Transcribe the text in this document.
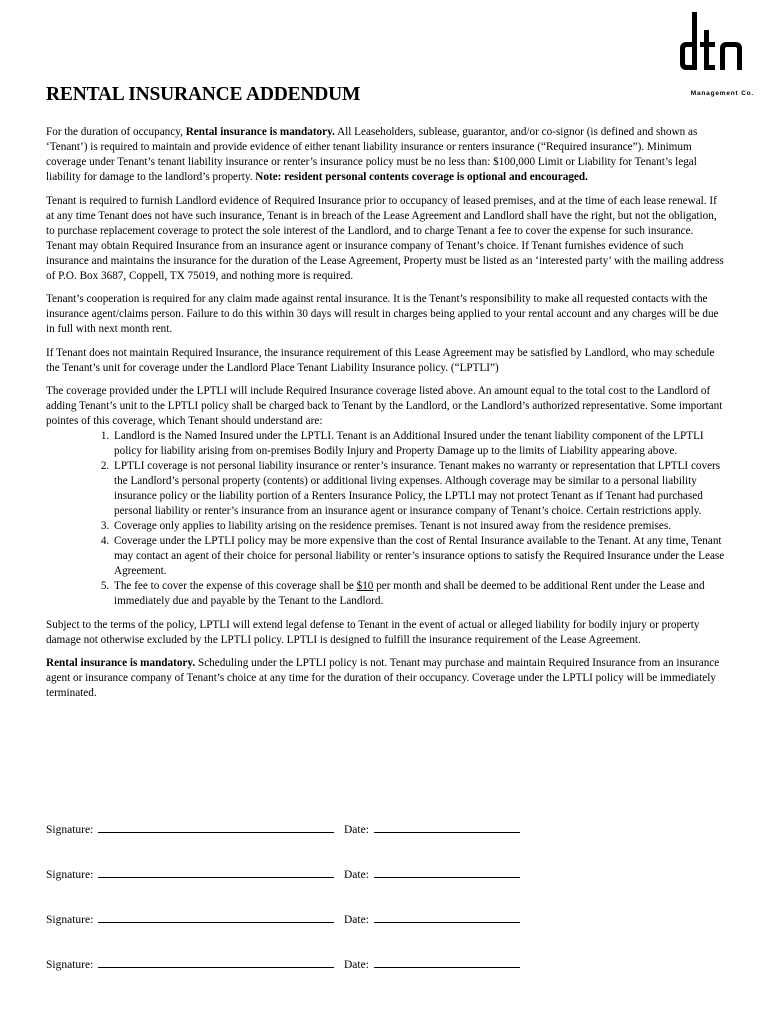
Management Co.
RENTAL INSURANCE ADDENDUM

For the duration of occupancy, Rental insurance is mandatory. All Leaseholders, sublease, guarantor, and/or co-signor (is defined and shown as ‘Tenant’) is required to maintain and provide evidence of either tenant liability insurance or renters insurance (“Required insurance”). Minimum coverage under Tenant’s tenant liability insurance or renter’s insurance policy must be no less than: $100,000 Limit or Liability for Tenant’s legal liability for damage to the landlord’s property. Note: resident personal contents coverage is optional and encouraged.

Tenant is required to furnish Landlord evidence of Required Insurance prior to occupancy of leased premises, and at the time of each lease renewal. If at any time Tenant does not have such insurance, Tenant is in breach of the Lease Agreement and Landlord shall have the right, but not the obligation, to purchase replacement coverage to protect the sole interest of the Landlord, and to charge Tenant a fee to cover the expense for such insurance. Tenant may obtain Required Insurance from an insurance agent or insurance company of Tenant’s choice. If Tenant furnishes evidence of such insurance and maintains the insurance for the duration of the Lease Agreement, Property must be listed as an ‘interested party’ with the mailing address of P.O. Box 3687, Coppell, TX 75019, and nothing more is required.

Tenant’s cooperation is required for any claim made against rental insurance. It is the Tenant’s responsibility to make all requested contacts with the insurance agent/claims person. Failure to do this within 30 days will result in charges being applied to your rental account and any charges will be due in full with next month rent.

If Tenant does not maintain Required Insurance, the insurance requirement of this Lease Agreement may be satisfied by Landlord, who may schedule the Tenant’s unit for coverage under the Landlord Place Tenant Liability Insurance policy. (“LPTLI”)

The coverage provided under the LPTLI will include Required Insurance coverage listed above. An amount equal to the total cost to the Landlord of adding Tenant’s unit to the LPTLI policy shall be charged back to Tenant by the Landlord, or the Landlord’s authorized representative. Some important pointes of this coverage, which Tenant should understand are:

1. Landlord is the Named Insured under the LPTLI. Tenant is an Additional Insured under the tenant liability component of the LPTLI policy for liability arising from on-premises Bodily Injury and Property Damage up to the limits of Liability appearing above.
2. LPTLI coverage is not personal liability insurance or renter’s insurance. Tenant makes no warranty or representation that LPTLI covers the Landlord’s personal property (contents) or additional living expenses. Although coverage may be similar to a personal liability insurance policy or the liability portion of a Renters Insurance Policy, the LPTLI may not protect Tenant as if Tenant had purchased personal liability or renter’s insurance from an insurance agent or insurance company of Tenant’s choice. Certain restrictions apply.
3. Coverage only applies to liability arising on the residence premises. Tenant is not insured away from the residence premises.
4. Coverage under the LPTLI policy may be more expensive than the cost of Rental Insurance available to the Tenant. At any time, Tenant may contact an agent of their choice for personal liability or renter’s insurance options to satisfy the Required Insurance under the Lease Agreement.
5. The fee to cover the expense of this coverage shall be $10 per month and shall be deemed to be additional Rent under the Lease and immediately due and payable by the Tenant to the Landlord.

Subject to the terms of the policy, LPTLI will extend legal defense to Tenant in the event of actual or alleged liability for bodily injury or property damage not otherwise excluded by the LPTLI policy. LPTLI is designed to fulfill the insurance requirement of the Lease Agreement.

Rental insurance is mandatory. Scheduling under the LPTLI policy is not. Tenant may purchase and maintain Required Insurance from an insurance agent or insurance company of Tenant’s choice at any time for the duration of their occupancy. Coverage under the LPTLI policy will be immediately terminated.

Signature:	Date:
Signature:	Date:
Signature:	Date:
Signature:	Date:
